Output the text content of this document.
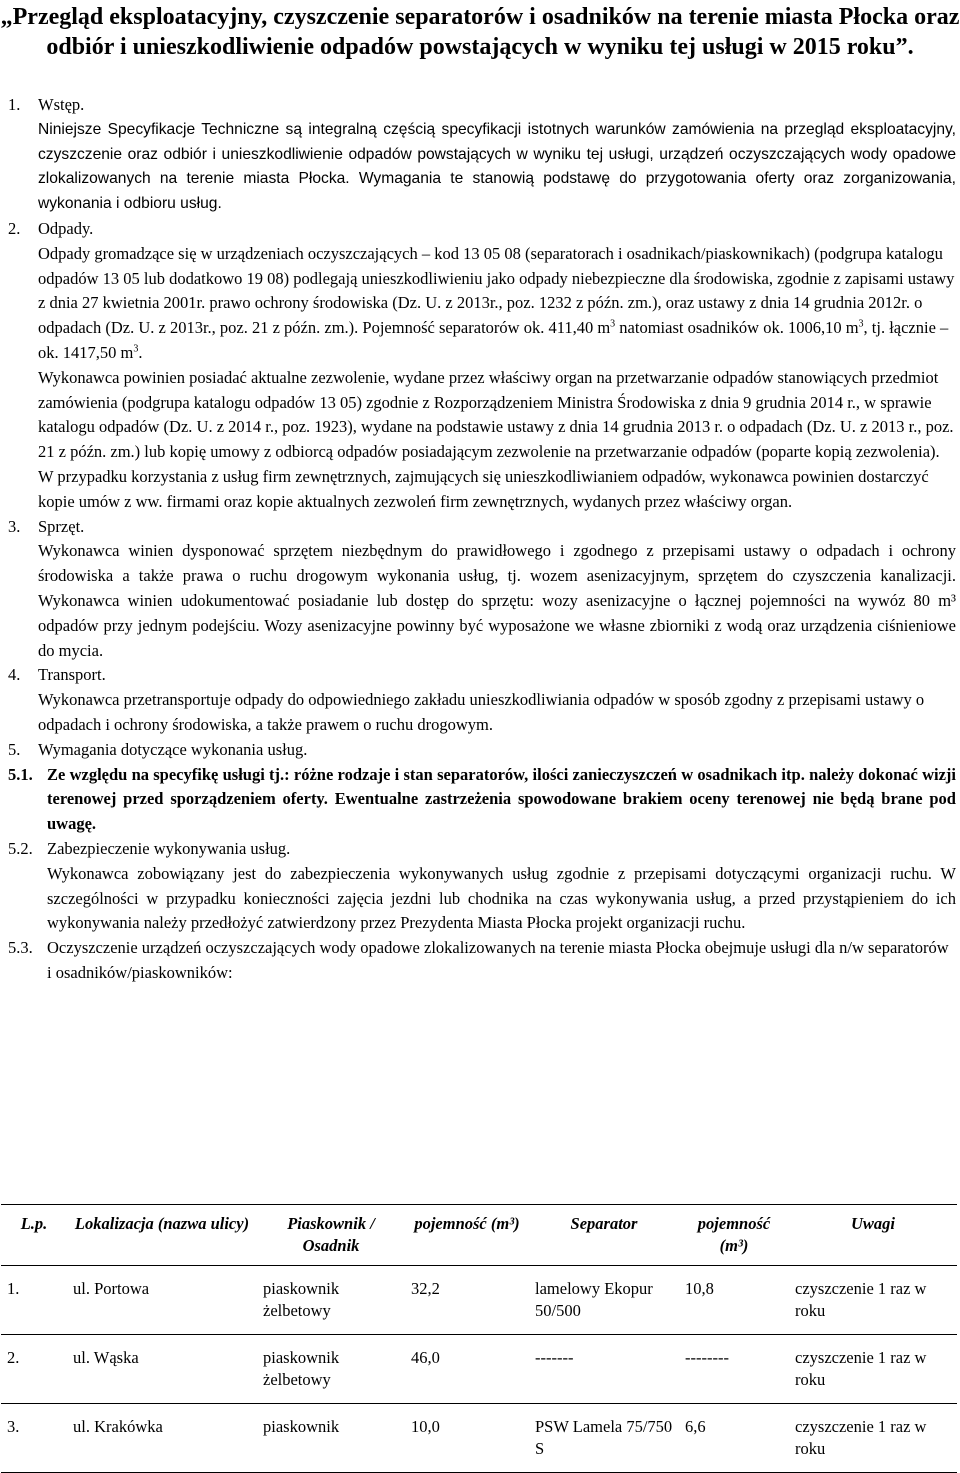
„Przegląd eksploatacyjny, czyszczenie separatorów i osadników na terenie miasta Płocka oraz odbiór i unieszkodliwienie odpadów powstających w wyniku tej usługi w 2015 roku”.
1.	Wstęp.

Niniejsze Specyfikacje Techniczne są integralną częścią specyfikacji istotnych warunków zamówienia na przegląd eksploatacyjny, czyszczenie oraz odbiór i unieszkodliwienie odpadów powstających w wyniku tej usługi, urządzeń oczyszczających wody opadowe zlokalizowanych na terenie miasta Płocka. Wymagania te stanowią podstawę do przygotowania oferty oraz zorganizowania, wykonania i odbioru usług.

2.	Odpady.

Odpady gromadzące się w urządzeniach oczyszczających – kod 13 05 08 (separatorach i osadnikach/piaskownikach) (podgrupa katalogu odpadów 13 05 lub dodatkowo 19 08) podlegają unieszkodliwieniu jako odpady niebezpieczne dla środowiska, zgodnie z zapisami ustawy z dnia 27 kwietnia 2001r. prawo ochrony środowiska (Dz. U. z 2013r., poz. 1232 z późn. zm.), oraz ustawy z dnia 14 grudnia 2012r. o odpadach (Dz. U. z 2013r., poz. 21 z późn. zm.). Pojemność separatorów ok. 411,40 $m^3$ natomiast osadników ok. 1006,10 $m^3$, tj. łącznie – ok. 1417,50 $m^3$.

Wykonawca powinien posiadać aktualne zezwolenie, wydane przez właściwy organ na przetwarzanie odpadów stanowiących przedmiot zamówienia (podgrupa katalogu odpadów 13 05) zgodnie z Rozporządzeniem Ministra Środowiska z dnia 9 grudnia 2014 r., w sprawie katalogu odpadów (Dz. U. z 2014 r., poz. 1923), wydane na podstawie ustawy z dnia 14 grudnia 2013 r. o odpadach (Dz. U. z 2013 r., poz. 21 z późn. zm.) lub kopię umowy z odbiorcą odpadów posiadającym zezwolenie na przetwarzanie odpadów (poparte kopią zezwolenia).

W przypadku korzystania z usług firm zewnętrznych, zajmujących się unieszkodliwianiem odpadów, wykonawca powinien dostarczyć kopie umów z ww. firmami oraz kopie aktualnych zezwoleń firm zewnętrznych, wydanych przez właściwy organ.

3.	Sprzęt.

Wykonawca winien dysponować sprzętem niezbędnym do prawidłowego i zgodnego z przepisami ustawy o odpadach i ochrony środowiska a także prawa o ruchu drogowym wykonania usług, tj. wozem asenizacyjnym, sprzętem do czyszczenia kanalizacji. Wykonawca winien udokumentować posiadanie lub dostęp do sprzętu: wozy asenizacyjne o łącznej pojemności na wywóz 80 m³ odpadów przy jednym podejściu. Wozy asenizacyjne powinny być wyposażone we własne zbiorniki z wodą oraz urządzenia ciśnieniowe do mycia.

4.	Transport.

Wykonawca przetransportuje odpady do odpowiedniego zakładu unieszkodliwiania odpadów w sposób zgodny z przepisami ustawy o odpadach i ochrony środowiska, a także prawem o ruchu drogowym.

5.	Wymagania dotyczące wykonania usług.
5.1. Ze względu na specyfikę usługi tj.: różne rodzaje i stan separatorów, ilości zanieczyszczeń w osadnikach itp. należy dokonać wizji terenowej przed sporządzeniem oferty. Ewentualne zastrzeżenia spowodowane brakiem oceny terenowej nie będą brane pod uwagę.
5.2. Zabezpieczenie wykonywania usług.

Wykonawca zobowiązany jest do zabezpieczenia wykonywanych usług zgodnie z przepisami dotyczącymi organizacji ruchu. W szczególności w przypadku konieczności zajęcia jezdni lub chodnika na czas wykonywania usług, a przed przystąpieniem do ich wykonywania należy przedłożyć zatwierdzony przez Prezydenta Miasta Płocka projekt organizacji ruchu.

5.3. Oczyszczenie urządzeń oczyszczających wody opadowe zlokalizowanych na terenie miasta Płocka obejmuje usługi dla n/w separatorów i osadników/piaskowników:
L.p.	Lokalizacja (nazwa ulicy)	Piaskownik / Osadnik	pojemność (m³)	Separator	pojemność (m³)	Uwagi
1.	ul. Portowa	piaskownik żelbetowy	32,2	lamelowy Ekopur 50/500	10,8	czyszczenie 1 raz w roku
2.	ul. Wąska	piaskownik żelbetowy	46,0	-------	--------	czyszczenie 1 raz w roku
3.	ul. Krakówka	piaskownik	10,0	PSW Lamela 75/750 S	6,6	czyszczenie 1 raz w roku
